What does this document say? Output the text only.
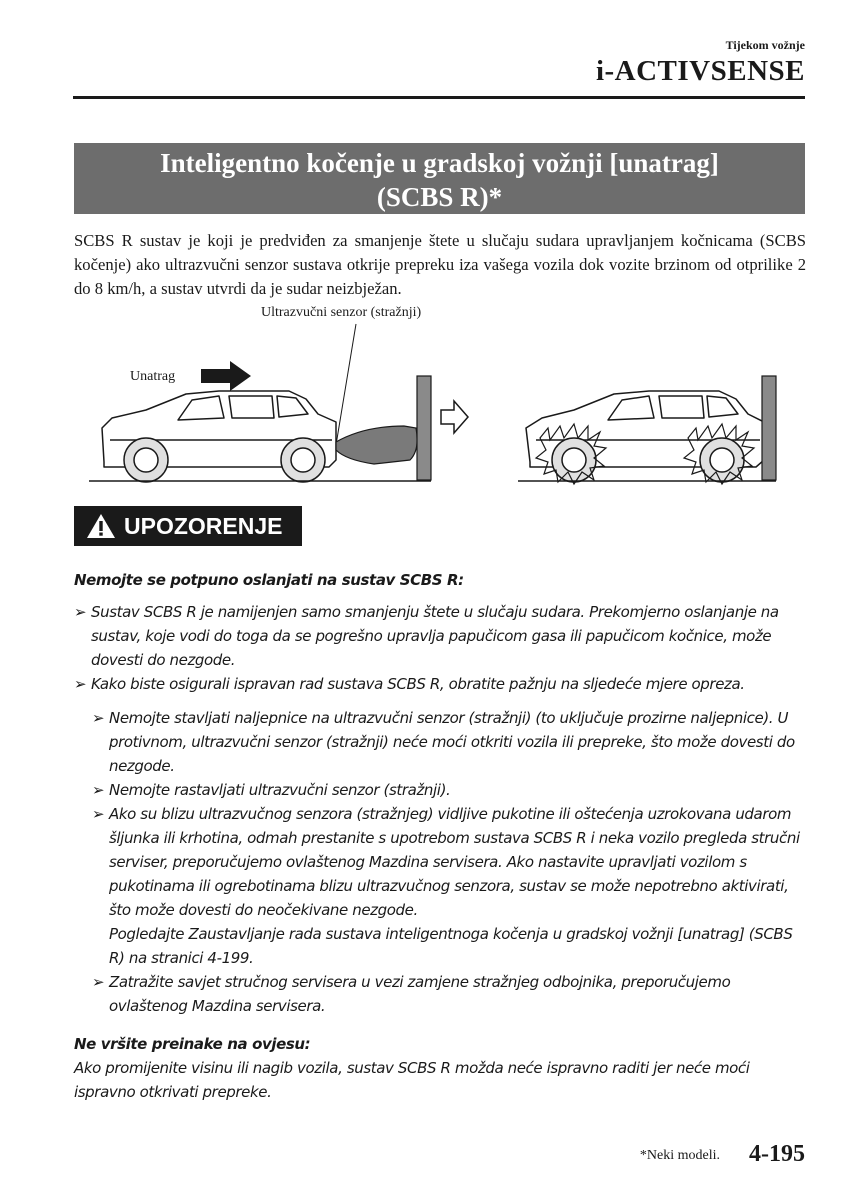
Tijekom vožnje
i-ACTIVSENSE
Inteligentno kočenje u gradskoj vožnji [unatrag]
(SCBS R)*
SCBS R sustav je koji je predviđen za smanjenje štete u slučaju sudara upravljanjem kočnicama (SCBS kočenje) ako ultrazvučni senzor sustava otkrije prepreku iza vašega vozila dok vozite brzinom od otprilike 2 do 8 km/h, a sustav utvrdi da je sudar neizbježan.
Ultrazvučni senzor (stražnji)
Unatrag
UPOZORENJE

Nemojte se potpuno oslanjati na sustav SCBS R:

➢ Sustav SCBS R je namijenjen samo smanjenju štete u slučaju sudara. Prekomjerno oslanjanje na sustav, koje vodi do toga da se pogrešno upravlja papučicom gasa ili papučicom kočnice, može dovesti do nezgode.

➢ Kako biste osigurali ispravan rad sustava SCBS R, obratite pažnju na sljedeće mjere opreza.

➢ Nemojte stavljati naljepnice na ultrazvučni senzor (stražnji) (to uključuje prozirne naljepnice). U protivnom, ultrazvučni senzor (stražnji) neće moći otkriti vozila ili prepreke, što može dovesti do nezgode.

➢ Nemojte rastavljati ultrazvučni senzor (stražnji).

➢ Ako su blizu ultrazvučnog senzora (stražnjeg) vidljive pukotine ili oštećenja uzrokovana udarom šljunka ili krhotina, odmah prestanite s upotrebom sustava SCBS R i neka vozilo pregleda stručni serviser, preporučujemo ovlaštenog Mazdina servisera. Ako nastavite upravljati vozilom s pukotinama ili ogrebotinama blizu ultrazvučnog senzora, sustav se može nepotrebno aktivirati, što može dovesti do neočekivane nezgode.

Pogledajte Zaustavljanje rada sustava inteligentnoga kočenja u gradskoj vožnji [unatrag] (SCBS R) na stranici 4-199.

➢ Zatražite savjet stručnog servisera u vezi zamjene stražnjeg odbojnika, preporučujemo ovlaštenog Mazdina servisera.

Ne vršite preinake na ovjesu:

Ako promijenite visinu ili nagib vozila, sustav SCBS R možda neće ispravno raditi jer neće moći ispravno otkrivati prepreke.

*Neki modeli. 4-195
